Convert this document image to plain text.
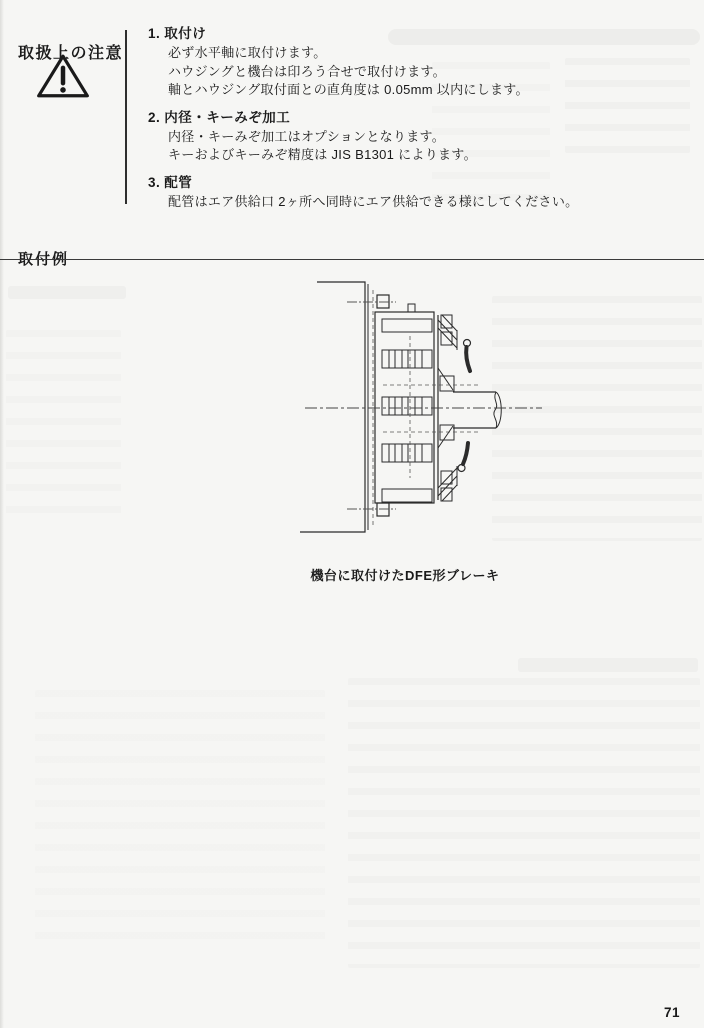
取扱上の注意
1. 取付け
必ず水平軸に取付けます。
ハウジングと機台は印ろう合せで取付けます。
軸とハウジング取付面との直角度は 0.05mm 以内にします。
2. 内径・キーみぞ加工
内径・キーみぞ加工はオプションとなります。
キーおよびキーみぞ精度は JIS B1301 によります。
3. 配管
配管はエア供給口 2ヶ所へ同時にエア供給できる様にしてください。
取付例

機台に取付けたDFE形ブレーキ

71
